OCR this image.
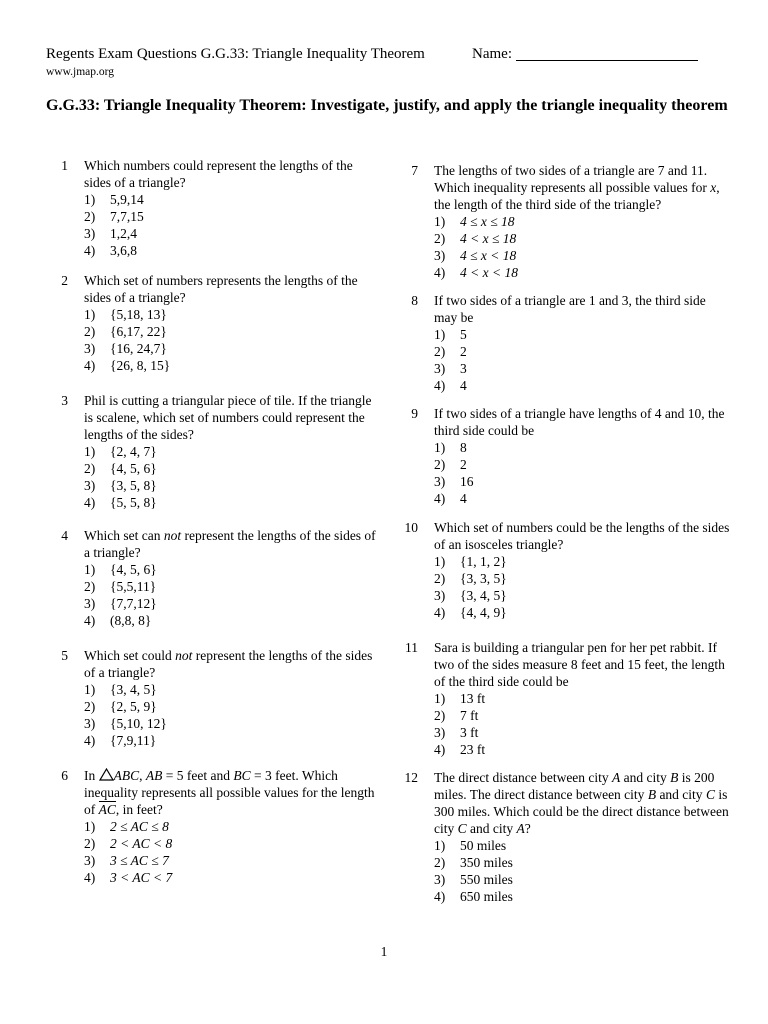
Regents Exam Questions G.G.33: Triangle Inequality Theorem	Name:
www.jmap.org
G.G.33: Triangle Inequality Theorem: Investigate, justify, and apply the triangle inequality theorem
1 Which numbers could represent the lengths of the sides of a triangle?
1) 5,9,14
2) 7,7,15
3) 1,2,4
4) 3,6,8
2 Which set of numbers represents the lengths of the sides of a triangle?
1) {5,18, 13}
2) {6,17, 22}
3) {16, 24,7}
4) {26, 8, 15}
3 Phil is cutting a triangular piece of tile. If the triangle is scalene, which set of numbers could represent the lengths of the sides?
1) {2, 4, 7}
2) {4, 5, 6}
3) {3, 5, 8}
4) {5, 5, 8}
4 Which set can not represent the lengths of the sides of a triangle?
1) {4, 5, 6}
2) {5,5,11}
3) {7,7,12}
4) (8,8, 8}
5 Which set could not represent the lengths of the sides of a triangle?
1) {3, 4, 5}
2) {2, 5, 9}
3) {5,10, 12}
4) {7,9,11}
6 In ABC, AB = 5 feet and BC = 3 feet. Which inequality represents all possible values for the length of AC, in feet?
1) 2 ≤ AC ≤ 8
2) 2 < AC < 8
3) 3 ≤ AC ≤ 7
4) 3 < AC < 7
7 The lengths of two sides of a triangle are 7 and 11. Which inequality represents all possible values for x, the length of the third side of the triangle?
1) 4 ≤ x ≤ 18
2) 4 < x ≤ 18
3) 4 ≤ x < 18
4) 4 < x < 18
8 If two sides of a triangle are 1 and 3, the third side may be
1) 5
2) 2
3) 3
4) 4
9 If two sides of a triangle have lengths of 4 and 10, the third side could be
1) 8
2) 2
3) 16
4) 4
10 Which set of numbers could be the lengths of the sides of an isosceles triangle?
1) {1, 1, 2}
2) {3, 3, 5}
3) {3, 4, 5}
4) {4, 4, 9}
11 Sara is building a triangular pen for her pet rabbit. If two of the sides measure 8 feet and 15 feet, the length of the third side could be
1) 13 ft
2) 7 ft
3) 3 ft
4) 23 ft
12 The direct distance between city A and city B is 200 miles. The direct distance between city B and city C is 300 miles. Which could be the direct distance between city C and city A?
1) 50 miles
2) 350 miles
3) 550 miles
4) 650 miles
1
